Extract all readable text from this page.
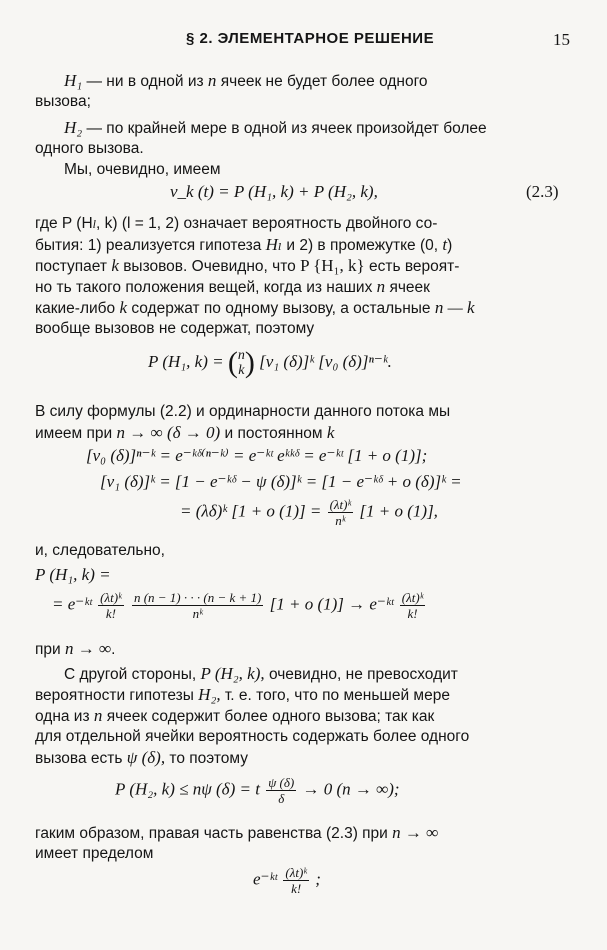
§ 2. ЭЛЕМЕНТАРНОЕ РЕШЕНИЕ	15
H₁ — ни в одной из n ячеек не будет более одного
вызова;
H₂ — по крайней мере в одной из ячеек произойдет более
одного вызова.
Мы, очевидно, имеем
v_k (t) = P (H₁, k) + P (H₂, k),	(2.3)
где P (Hl, k) (l = 1, 2) означает вероятность двойного со-
бытия: 1) реализуется гипотеза Hₗ и 2) в промежутке (0, t)
поступает k вызовов. Очевидно, что P {H₁, k} есть вероят-
но ть такого положения вещей, когда из наших n ячеек
какие-либо k содержат по одному вызову, а остальные n — k
вообще вызовов не содержат, поэтому
P (H₁, k) = ( n
k ) [v₁ (δ)]ᵏ [v₀ (δ)]ⁿ⁻ᵏ.
В силу формулы (2.2) и ординарности данного потока мы
имеем при n → ∞ (δ → 0) и постоянном k
[v₀ (δ)]ⁿ⁻ᵏ = e⁻ᵏᵟ⁽ⁿ⁻ᵏ⁾ = e⁻ᵏᵗ eᵏᵏᵟ = e⁻ᵏᵗ [1 + o (1)];
[v₁ (δ)]ᵏ = [1 − e⁻ᵏᵟ − ψ (δ)]ᵏ = [1 − e⁻ᵏᵟ + o (δ)]ᵏ =
= (λδ)ᵏ [1 + o $(1)] = \frac{\text{(λt)ᵏ}}{\text{nᵏ}} [1 + o$ (1)],
и, следовательно,
P (H₁, k) =
= e⁻ᵏᵗ $\frac{\text{(λt)ᵏ}}{k!}$
$\frac{n (n - 1) \cdot \cdot \cdot (n - k + 1)}{\text{nᵏ}} [1 + o$ (1)] → e⁻ᵏᵗ $\frac{\text{(λt)ᵏ}}{k!}$
при n → ∞.
С другой стороны, P (H₂, k), очевидно, не превосходит
вероятности гипотезы H₂, т. е. того, что по меньшей мере
одна из n ячеек содержит более одного вызова; так как
для отдельной ячейки вероятность содержать более одного
вызова есть ψ (δ), то поэтому
P (H₂, k) ≤ nψ (δ) = t $\frac{\psi (\delta)}{\delta} \to 0$ (n → ∞);
гаким образом, правая часть равенства (2.3) при n → ∞
имеет пределом
e⁻ᵏᵗ $\frac{\text{(λt)ᵏ}}{k!}$ ;
